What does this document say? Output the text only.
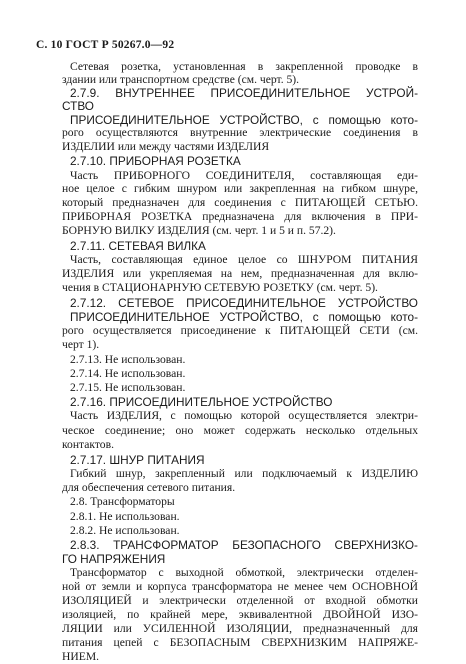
С. 10 ГОСТ Р 50267.0—92

Сетевая розетка, установленная в закрепленной проводке в

здании или транспортном средстве (см. черт. 5).

2.7.9. ВНУТРЕННЕЕ ПРИСОЕДИНИТЕЛЬНОЕ УСТРОЙ-

СТВО

ПРИСОЕДИНИТЕЛЬНОЕ УСТРОЙСТВО, с помощью кото-

рого осуществляются внутренние электрические соединения в

ИЗДЕЛИИ или между частями ИЗДЕЛИЯ

2.7.10. ПРИБОРНАЯ РОЗЕТКА

Часть ПРИБОРНОГО СОЕДИНИТЕЛЯ, составляющая еди-

ное целое с гибким шнуром или закрепленная на гибком шнуре,

который предназначен для соединения с ПИТАЮЩЕЙ СЕТЬЮ.

ПРИБОРНАЯ РОЗЕТКА предназначена для включения в ПРИ-

БОРНУЮ ВИЛКУ ИЗДЕЛИЯ (см. черт. 1 и 5 и п. 57.2).

2.7.11. СЕТЕВАЯ ВИЛКА

Часть, составляющая единое целое со ШНУРОМ ПИТАНИЯ

ИЗДЕЛИЯ или укрепляемая на нем, предназначенная для вклю-

чения в СТАЦИОНАРНУЮ СЕТЕВУЮ РОЗЕТКУ (см. черт. 5).

2.7.12. СЕТЕВОЕ ПРИСОЕДИНИТЕЛЬНОЕ УСТРОЙСТВО

ПРИСОЕДИНИТЕЛЬНОЕ УСТРОЙСТВО, с помощью кото-

рого осуществляется присоединение к ПИТАЮЩЕЙ СЕТИ (см.

черт 1).

2.7.13. Не использован.

2.7.14. Не использован.

2.7.15. Не использован.

2.7.16. ПРИСОЕДИНИТЕЛЬНОЕ УСТРОЙСТВО

Часть ИЗДЕЛИЯ, с помощью которой осуществляется электри-

ческое соединение; оно может содержать несколько отдельных

контактов.

2.7.17. ШНУР ПИТАНИЯ

Гибкий шнур, закрепленный или подключаемый к ИЗДЕЛИЮ

для обеспечения сетевого питания.

2.8. Трансформаторы

2.8.1. Не использован.

2.8.2. Не использован.

2.8.3. ТРАНСФОРМАТОР БЕЗОПАСНОГО СВЕРХНИЗКО-

ГО НАПРЯЖЕНИЯ

Трансформатор с выходной обмоткой, электрически отделен-

ной от земли и корпуса трансформатора не менее чем ОСНОВНОЙ

ИЗОЛЯЦИЕЙ и электрически отделенной от входной обмотки

изоляцией, по крайней мере, эквивалентной ДВОЙНОЙ ИЗО-

ЛЯЦИИ или УСИЛЕННОЙ ИЗОЛЯЦИИ, предназначенный для

питания цепей с БЕЗОПАСНЫМ СВЕРХНИЗКИМ НАПРЯЖЕ-

НИЕМ.
